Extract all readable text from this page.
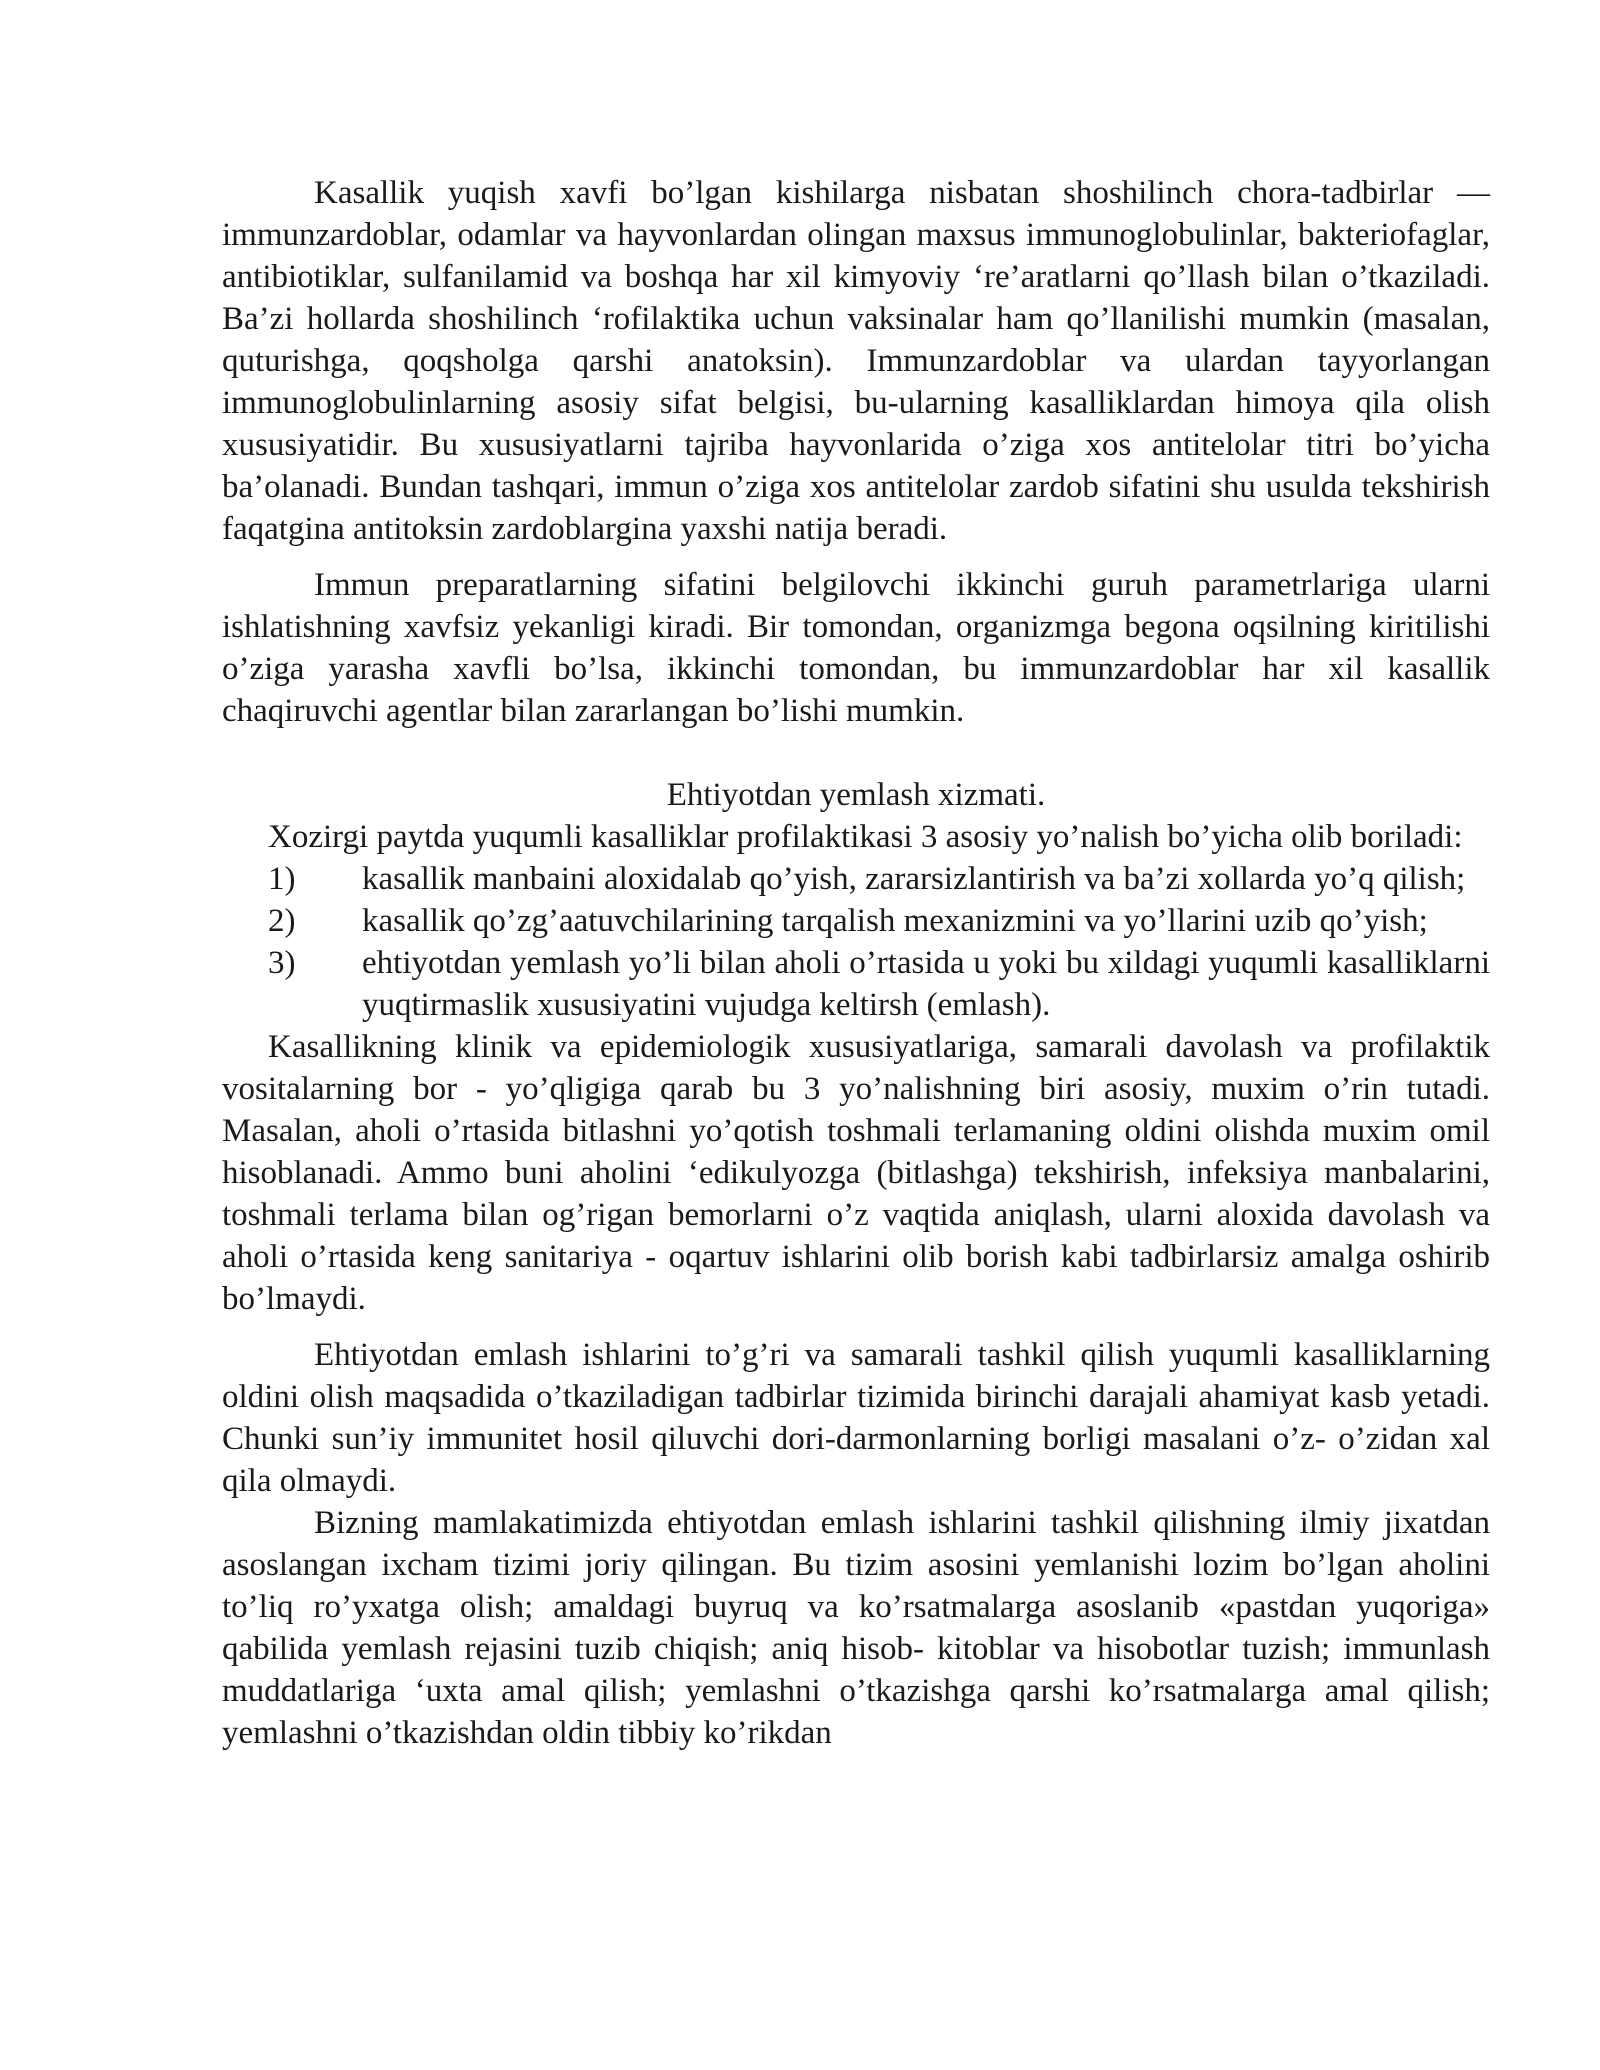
Kasallik yuqish xavfi bo’lgan kishilarga nisbatan shoshilinch chora-tadbirlar — immunzardoblar, odamlar va hayvonlardan olingan maxsus immunoglobulinlar, bakteriofaglar, antibiotiklar, sulfanilamid va boshqa har xil kimyoviy ‘re’aratlarni qo’llash bilan o’tkaziladi. Ba’zi hollarda shoshilinch ‘rofilaktika uchun vaksinalar ham qo’llanilishi mumkin (masalan, quturishga, qoqsholga qarshi anatoksin). Immunzardoblar va ulardan tayyorlangan immunoglobulinlarning asosiy sifat belgisi, bu-ularning kasalliklardan himoya qila olish xususiyatidir. Bu xususiyatlarni tajriba hayvonlarida o’ziga xos antitelolar titri bo’yicha ba’olanadi. Bundan tashqari, immun o’ziga xos antitelolar zardob sifatini shu usulda tekshirish faqatgina antitoksin zardoblargina yaxshi natija beradi.

Immun preparatlarning sifatini belgilovchi ikkinchi guruh parametrlariga ularni ishlatishning xavfsiz yekanligi kiradi. Bir tomondan, organizmga begona oqsilning kiritilishi o’ziga yarasha xavfli bo’lsa, ikkinchi tomondan, bu immunzardoblar har xil kasallik chaqiruvchi agentlar bilan zararlangan bo’lishi mumkin.

Ehtiyotdan yemlash xizmati.

Xozirgi paytda yuqumli kasalliklar profilaktikasi 3 asosiy yo’nalish bo’yicha olib boriladi:

1) kasallik manbaini aloxidalab qo’yish, zararsizlantirish va ba’zi xollarda yo’q qilish;
2) kasallik qo’zg’aatuvchilarining tarqalish mexanizmini va yo’llarini uzib qo’yish;
3) ehtiyotdan yemlash yo’li bilan aholi o’rtasida u yoki bu xildagi yuqumli kasalliklarni yuqtirmaslik xususiyatini vujudga keltirsh (emlash).

Kasallikning klinik va epidemiologik xususiyatlariga, samarali davolash va profilaktik vositalarning bor - yo’qligiga qarab bu 3 yo’nalishning biri asosiy, muxim o’rin tutadi. Masalan, aholi o’rtasida bitlashni yo’qotish toshmali terlamaning oldini olishda muxim omil hisoblanadi. Ammo buni aholini ‘edikulyozga (bitlashga) tekshirish, infeksiya manbalarini, toshmali terlama bilan og’rigan bemorlarni o’z vaqtida aniqlash, ularni aloxida davolash va aholi o’rtasida keng sanitariya - oqartuv ishlarini olib borish kabi tadbirlarsiz amalga oshirib bo’lmaydi.

Ehtiyotdan emlash ishlarini to’g’ri va samarali tashkil qilish yuqumli kasalliklarning oldini olish maqsadida o’tkaziladigan tadbirlar tizimida birinchi darajali ahamiyat kasb yetadi. Chunki sun’iy immunitet hosil qiluvchi dori-darmonlarning borligi masalani o’z- o’zidan xal qila olmaydi.

Bizning mamlakatimizda ehtiyotdan emlash ishlarini tashkil qilishning ilmiy jixatdan asoslangan ixcham tizimi joriy qilingan. Bu tizim asosini yemlanishi lozim bo’lgan aholini to’liq ro’yxatga olish; amaldagi buyruq va ko’rsatmalarga asoslanib «pastdan yuqoriga» qabilida yemlash rejasini tuzib chiqish; aniq hisob- kitoblar va hisobotlar tuzish; immunlash muddatlariga ‘uxta amal qilish; yemlashni o’tkazishga qarshi ko’rsatmalarga amal qilish; yemlashni o’tkazishdan oldin tibbiy ko’rikdan
